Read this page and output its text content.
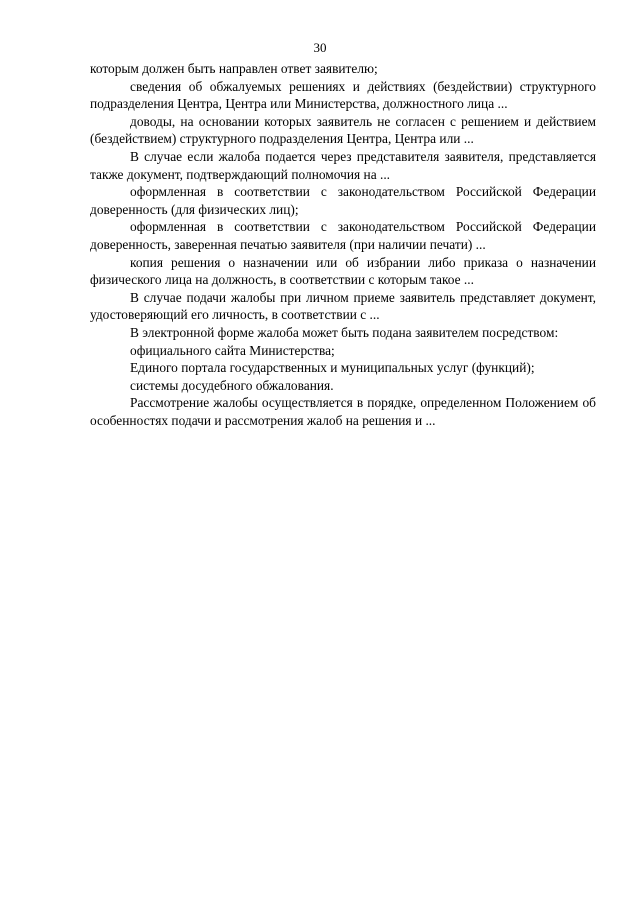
30

которым должен быть направлен ответ заявителю;

сведения об обжалуемых решениях и действиях (бездействии) структурного подразделения Центра, Центра или Министерства, должностного лица ...

доводы, на основании которых заявитель не согласен с решением и действием (бездействием) структурного подразделения Центра, Центра или ...

В случае если жалоба подается через представителя заявителя, представляется также документ, подтверждающий полномочия на ...

оформленная в соответствии с законодательством Российской Федерации доверенность (для физических лиц);

оформленная в соответствии с законодательством Российской Федерации доверенность, заверенная печатью заявителя (при наличии печати) ...

копия решения о назначении или об избрании либо приказа о назначении физического лица на должность, в соответствии с которым такое ...

В случае подачи жалобы при личном приеме заявитель представляет документ, удостоверяющий его личность, в соответствии с ...

В электронной форме жалоба может быть подана заявителем посредством:

официального сайта Министерства;

Единого портала государственных и муниципальных услуг (функций);

системы досудебного обжалования.

Рассмотрение жалобы осуществляется в порядке, определенном Положением об особенностях подачи и рассмотрения жалоб на решения и ...
